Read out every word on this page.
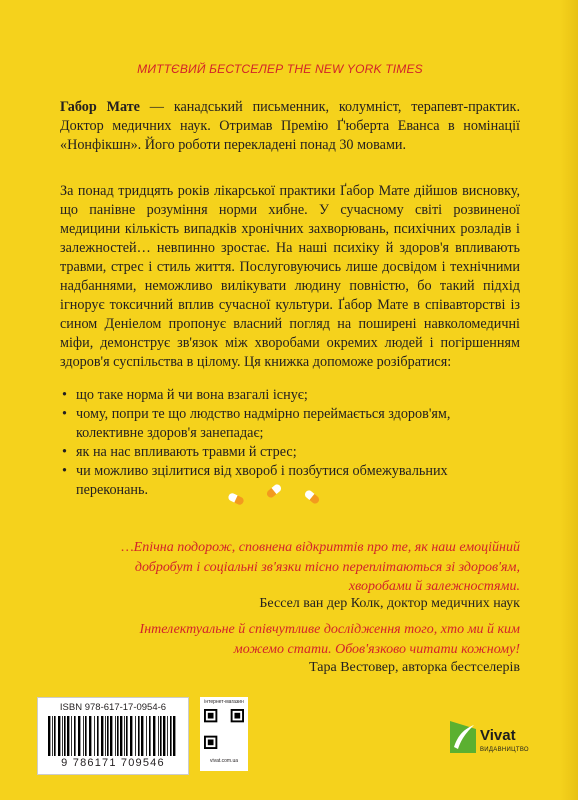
МИТТЄВИЙ БЕСТСЕЛЕР THE NEW YORK TIMES
Габор Мате — канадський письменник, колумніст, терапевт-практик. Доктор медичних наук. Отримав Премію Ґ'юберта Еванса в номінації «Нонфікшн». Його роботи перекладені понад 30 мовами.

За понад тридцять років лікарської практики Ґабор Мате дійшов висновку, що панівне розуміння норми хибне. У сучасному світі розвиненої медицини кількість випадків хронічних захворювань, психічних розладів і залежностей… невпинно зростає. На наші психіку й здоров'я впливають травми, стрес і стиль життя. Послуговуючись лише досвідом і технічними надбаннями, неможливо вилікувати людину повністю, бо такий підхід ігнорує токсичний вплив сучасної культури. Ґабор Мате в співавторстві із сином Деніелом пропонує власний погляд на поширені навколомедичні міфи, демонструє зв'язок між хворобами окремих людей і погіршенням здоров'я суспільства в цілому. Ця книжка допоможе розібратися:

• що таке норма й чи вона взагалі існує;
• чому, попри те що людство надмірно переймається здоров'ям, колективне здоров'я занепадає;
• як на нас впливають травми й стрес;
• чи можливо зцілитися від хвороб і позбутися обмежувальних переконань.
…Епічна подорож, сповнена відкриттів про те, як наш емоційний добробут і соціальні зв'язки тісно переплітаються зі здоров'ям, хворобами й залежностями.
Бессел ван дер Колк, доктор медичних наук
Інтелектуальне й співчутливе дослідження того, хто ми й ким можемо стати. Обов'язково читати кожному!
Тара Вестовер, авторка бестселерів
ISBN 978-617-17-0954-6
9 786171 709546
інтернет-магазин
vivat.com.ua
Vivat
ВИДАВНИЦТВО
